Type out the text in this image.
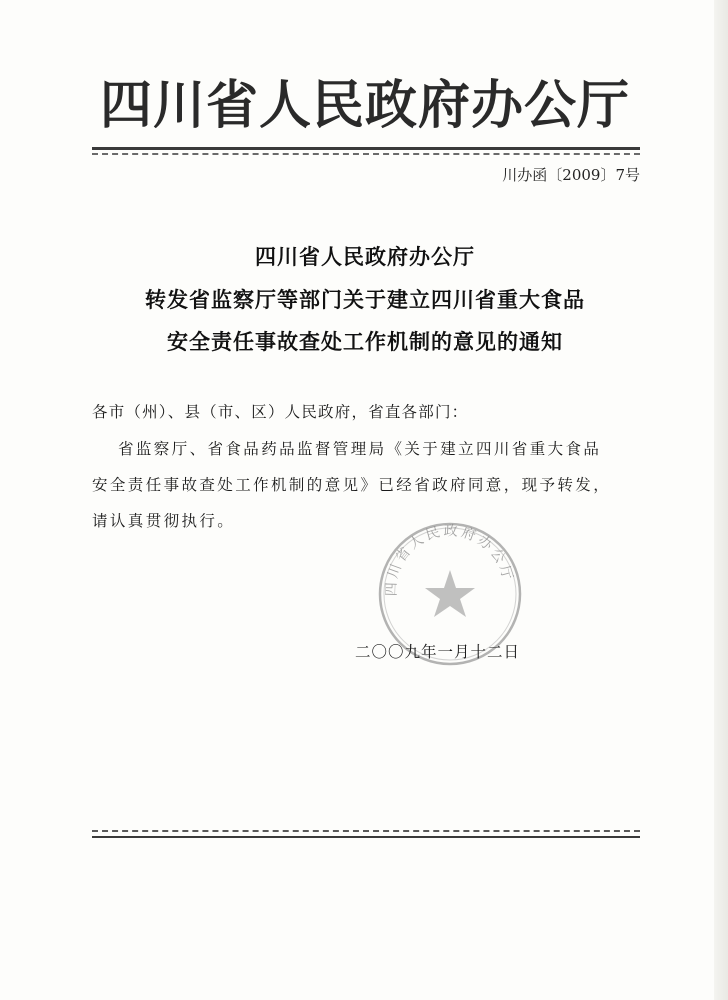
四川省人民政府办公厅
川办函〔2009〕7号
四川省人民政府办公厅
转发省监察厅等部门关于建立四川省重大食品
安全责任事故查处工作机制的意见的通知
各市（州）、县（市、区）人民政府，省直各部门：
省监察厅、省食品药品监督管理局《关于建立四川省重大食品
安全责任事故查处工作机制的意见》已经省政府同意，现予转发，
请认真贯彻执行。
四川省人民政府办公厅
二〇〇九年一月十二日
